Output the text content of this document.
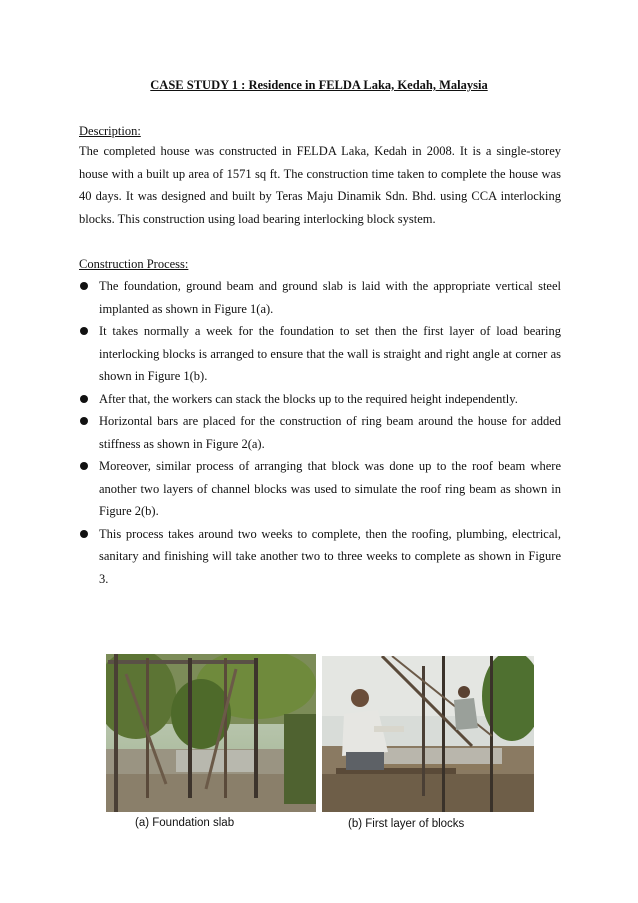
CASE STUDY 1 : Residence in FELDA Laka, Kedah, Malaysia
Description:
The completed house was constructed in FELDA Laka, Kedah in 2008. It is a single-storey house with a built up area of 1571 sq ft. The construction time taken to complete the house was 40 days. It was designed and built by Teras Maju Dinamik Sdn. Bhd. using CCA interlocking blocks. This construction using load bearing interlocking block system.
Construction Process:
The foundation, ground beam and ground slab is laid with the appropriate vertical steel implanted as shown in Figure 1(a).
It takes normally a week for the foundation to set then the first layer of load bearing interlocking blocks is arranged to ensure that the wall is straight and right angle at corner as shown in Figure 1(b).
After that, the workers can stack the blocks up to the required height independently.
Horizontal bars are placed for the construction of ring beam around the house for added stiffness as shown in Figure 2(a).
Moreover, similar process of arranging that block was done up to the roof beam where another two layers of channel blocks was used to simulate the roof ring beam as shown in Figure 2(b).
This process takes around two weeks to complete, then the roofing, plumbing, electrical, sanitary and finishing will take another two to three weeks to complete as shown in Figure 3.
(a) Foundation slab	(b) First layer of blocks
